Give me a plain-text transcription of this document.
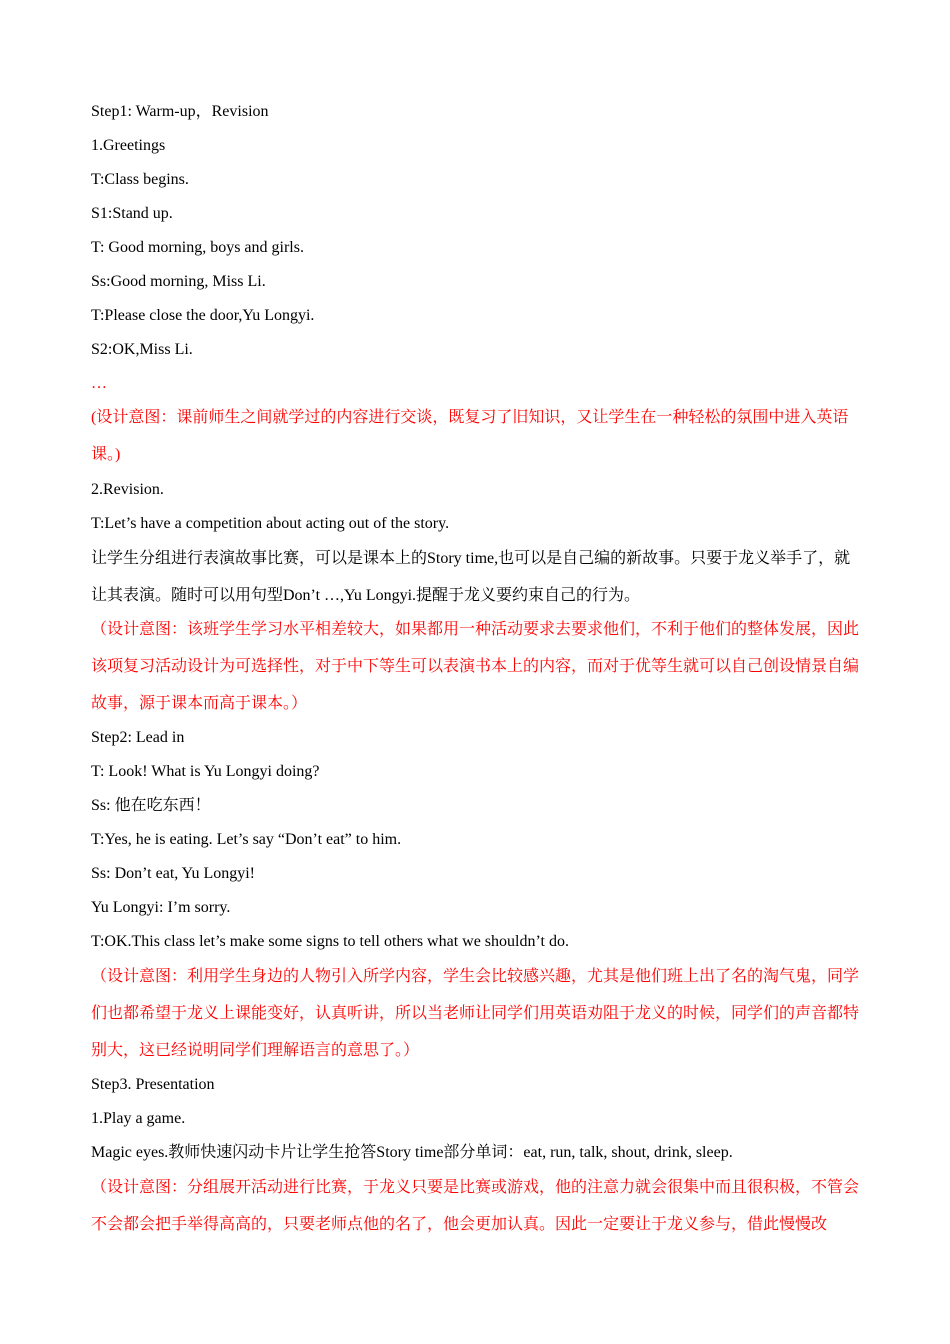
Step1: Warm-up，Revision
1.Greetings
T:Class begins.
S1:Stand up.
T: Good morning, boys and girls.
Ss:Good morning, Miss Li.
T:Please close the door,Yu Longyi.
S2:OK,Miss Li.
…
(设计意图：课前师生之间就学过的内容进行交谈，既复习了旧知识，又让学生在一种轻松的氛围中进入英语课。)
2.Revision.
T:Let’s have a competition about acting out of the story.
让学生分组进行表演故事比赛，可以是课本上的Story time,也可以是自己编的新故事。只要于龙义举手了，就让其表演。随时可以用句型Don’t …,Yu Longyi.提醒于龙义要约束自己的行为。
（设计意图：该班学生学习水平相差较大，如果都用一种活动要求去要求他们，不利于他们的整体发展，因此该项复习活动设计为可选择性，对于中下等生可以表演书本上的内容，而对于优等生就可以自己创设情景自编故事，源于课本而高于课本。）
Step2: Lead in
T: Look! What is Yu Longyi doing?
Ss: 他在吃东西！
T:Yes, he is eating. Let’s say “Don’t eat” to him.
Ss: Don’t eat, Yu Longyi!
Yu Longyi: I’m sorry.
T:OK.This class let’s make some signs to tell others what we shouldn’t do.
（设计意图：利用学生身边的人物引入所学内容，学生会比较感兴趣，尤其是他们班上出了名的淘气鬼，同学们也都希望于龙义上课能变好，认真听讲，所以当老师让同学们用英语劝阻于龙义的时候，同学们的声音都特别大，这已经说明同学们理解语言的意思了。）
Step3. Presentation
1.Play a game.
Magic eyes.教师快速闪动卡片让学生抢答Story time部分单词：eat, run, talk, shout, drink, sleep.
（设计意图：分组展开活动进行比赛，于龙义只要是比赛或游戏，他的注意力就会很集中而且很积极，不管会不会都会把手举得高高的，只要老师点他的名了，他会更加认真。因此一定要让于龙义参与，借此慢慢改
